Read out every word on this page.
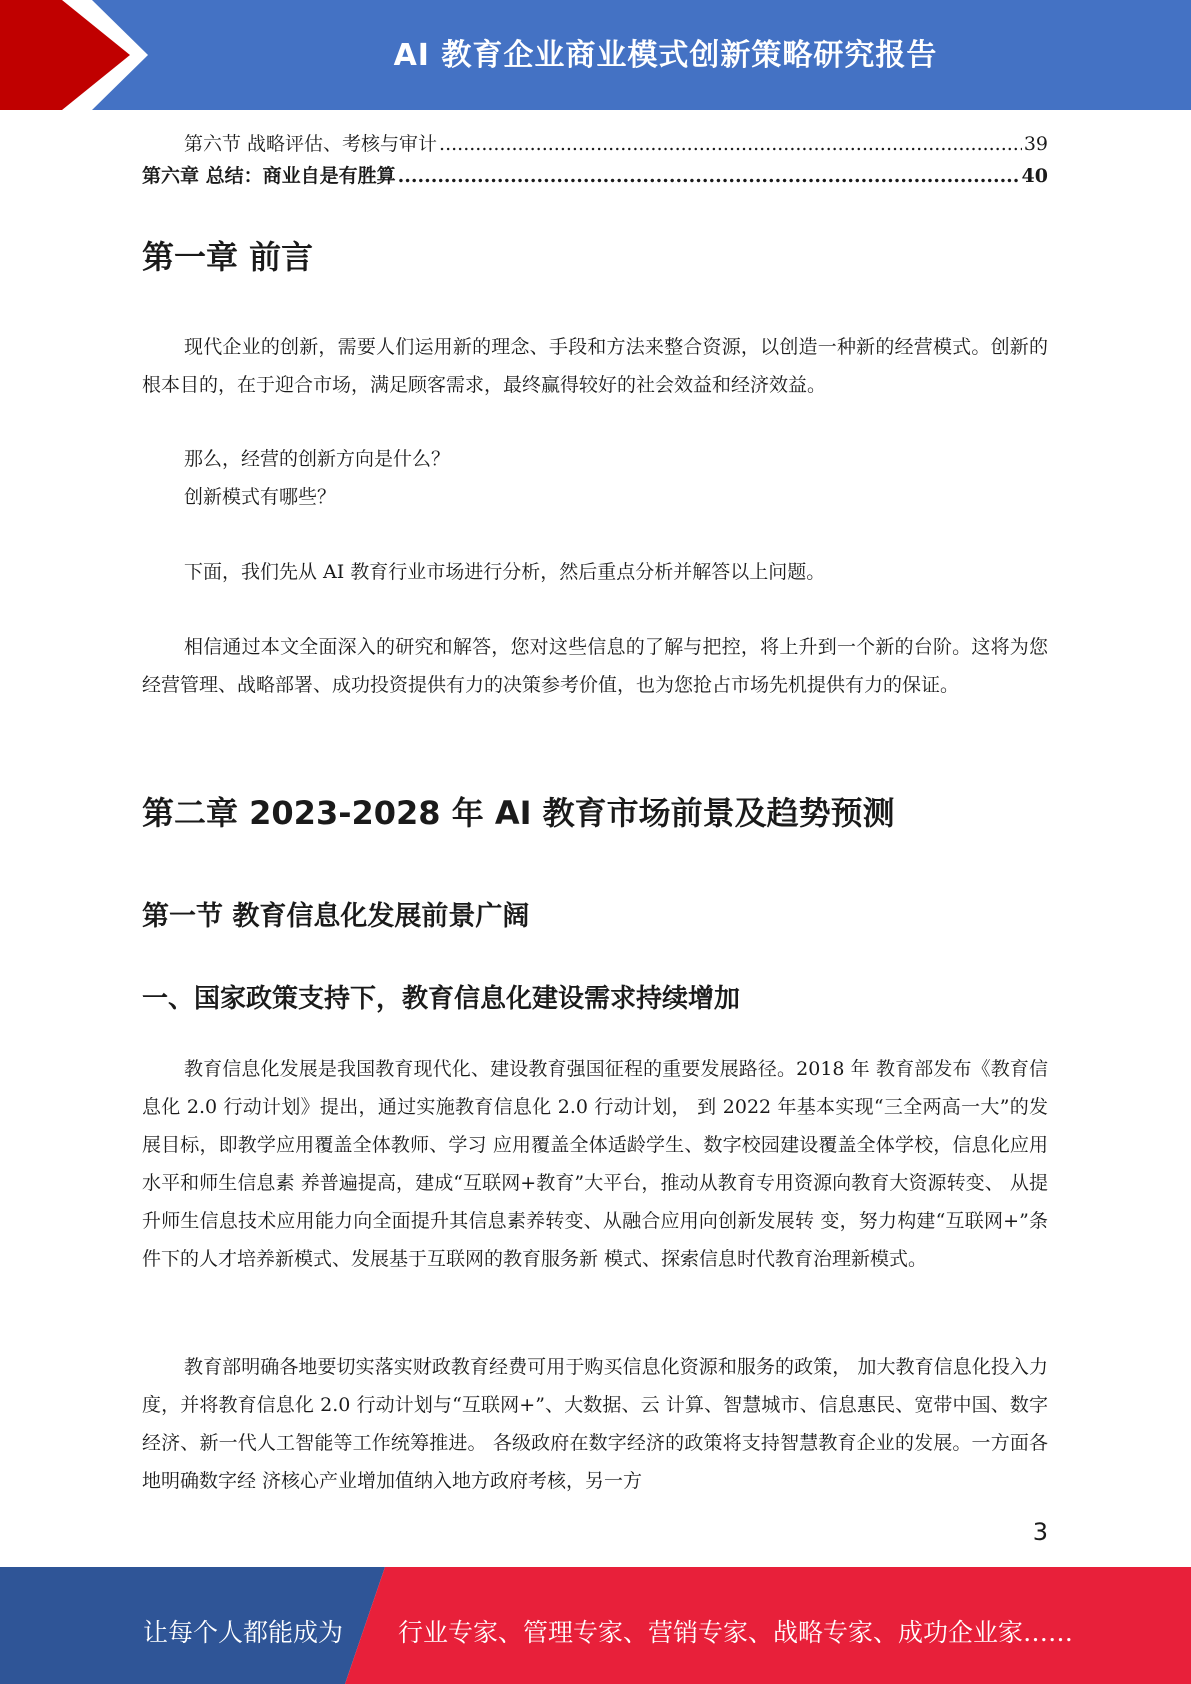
AI 教育企业商业模式创新策略研究报告
第六节 战略评估、考核与审计 .....	39
第六章 总结：商业自是有胜算 .....	40
第一章 前言

现代企业的创新，需要人们运用新的理念、手段和方法来整合资源，以创造一种新的经营模式。创新的根本目的，在于迎合市场，满足顾客需求，最终赢得较好的社会效益和经济效益。

那么，经营的创新方向是什么？

创新模式有哪些？

下面，我们先从 AI 教育行业市场进行分析，然后重点分析并解答以上问题。

相信通过本文全面深入的研究和解答，您对这些信息的了解与把控，将上升到一个新的台阶。这将为您经营管理、战略部署、成功投资提供有力的决策参考价值，也为您抢占市场先机提供有力的保证。

第二章 2023-2028 年 AI 教育市场前景及趋势预测
第一节 教育信息化发展前景广阔
一、国家政策支持下，教育信息化建设需求持续增加

教育信息化发展是我国教育现代化、建设教育强国征程的重要发展路径。2018 年 教育部发布《教育信息化 2.0 行动计划》提出，通过实施教育信息化 2.0 行动计划， 到 2022 年基本实现“三全两高一大”的发展目标，即教学应用覆盖全体教师、学习 应用覆盖全体适龄学生、数字校园建设覆盖全体学校，信息化应用水平和师生信息素 养普遍提高，建成“互联网+教育”大平台，推动从教育专用资源向教育大资源转变、 从提升师生信息技术应用能力向全面提升其信息素养转变、从融合应用向创新发展转 变，努力构建“互联网+”条件下的人才培养新模式、发展基于互联网的教育服务新 模式、探索信息时代教育治理新模式。

教育部明确各地要切实落实财政教育经费可用于购买信息化资源和服务的政策， 加大教育信息化投入力度，并将教育信息化 2.0 行动计划与“互联网+”、大数据、云 计算、智慧城市、信息惠民、宽带中国、数字经济、新一代人工智能等工作统筹推进。 各级政府在数字经济的政策将支持智慧教育企业的发展。一方面各地明确数字经 济核心产业增加值纳入地方政府考核，另一方

3
让每个人都能成为 行业专家、管理专家、营销专家、战略专家、成功企业家……
